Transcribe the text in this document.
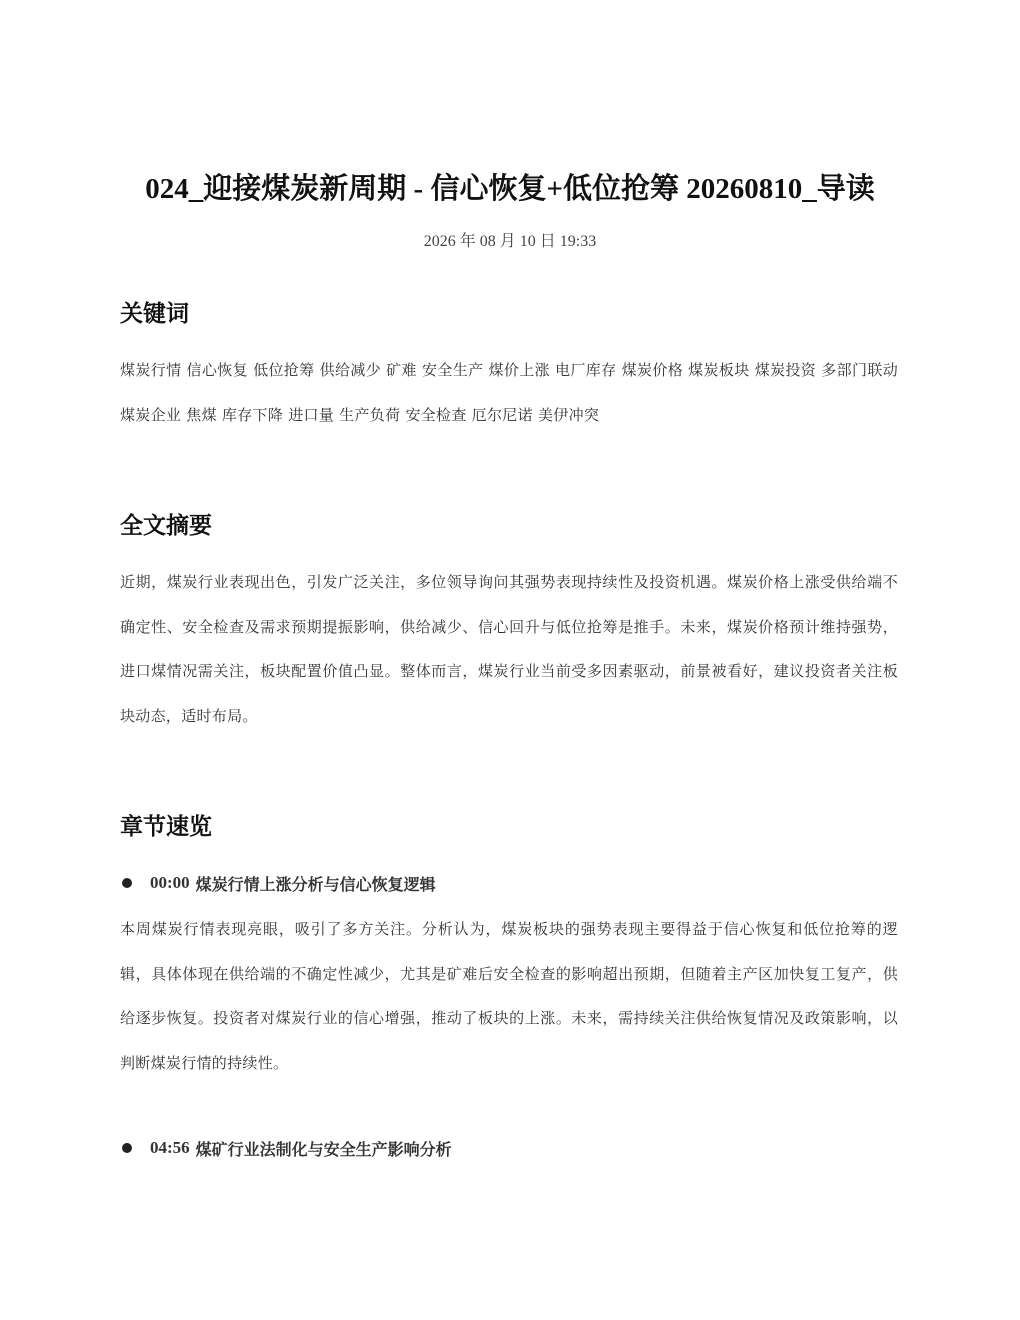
024_迎接煤炭新周期 - 信心恢复+低位抢筹 20260810_导读
2026 年 08 月 10 日 19:33
关键词

煤炭行情 信心恢复 低位抢筹 供给减少 矿难 安全生产 煤价上涨 电厂库存 煤炭价格 煤炭板块 煤炭投资 多部门联动 煤炭企业 焦煤 库存下降 进口量 生产负荷 安全检查 厄尔尼诺 美伊冲突

全文摘要

近期，煤炭行业表现出色，引发广泛关注，多位领导询问其强势表现持续性及投资机遇。煤炭价格上涨受供给端不确定性、安全检查及需求预期提振影响，供给减少、信心回升与低位抢筹是推手。未来，煤炭价格预计维持强势，进口煤情况需关注，板块配置价值凸显。整体而言，煤炭行业当前受多因素驱动，前景被看好，建议投资者关注板块动态，适时布局。

章节速览
00:00 煤炭行情上涨分析与信心恢复逻辑

本周煤炭行情表现亮眼，吸引了多方关注。分析认为，煤炭板块的强势表现主要得益于信心恢复和低位抢筹的逻辑，具体体现在供给端的不确定性减少，尤其是矿难后安全检查的影响超出预期，但随着主产区加快复工复产，供给逐步恢复。投资者对煤炭行业的信心增强，推动了板块的上涨。未来，需持续关注供给恢复情况及政策影响，以判断煤炭行情的持续性。

04:56 煤矿行业法制化与安全生产影响分析
